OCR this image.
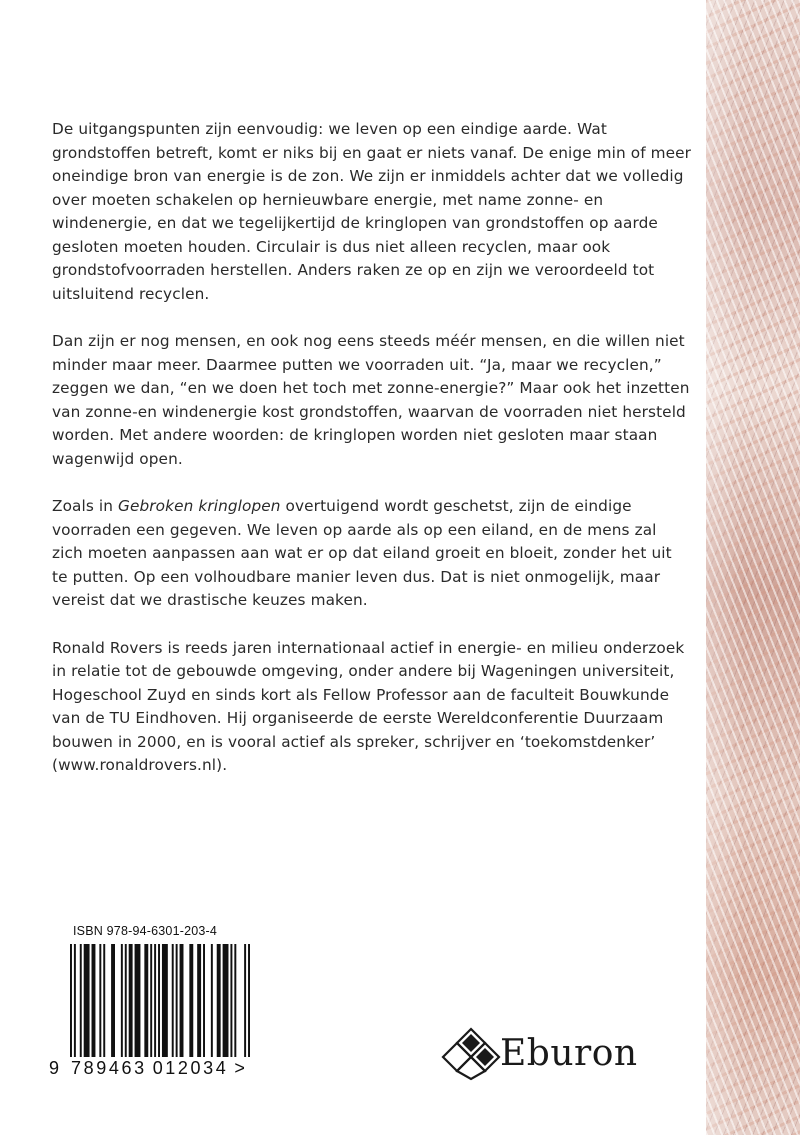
De uitgangspunten zijn eenvoudig: we leven op een eindige aarde. Wat grondstoffen betreft, komt er niks bij en gaat er niets vanaf. De enige min of meer oneindige bron van energie is de zon. We zijn er inmiddels achter dat we volledig over moeten schakelen op hernieuwbare energie, met name zonne- en windenergie, en dat we tegelijkertijd de kringlopen van grondstoffen op aarde gesloten moeten houden. Circulair is dus niet alleen recyclen, maar ook grondstofvoorraden herstellen. Anders raken ze op en zijn we veroordeeld tot uitsluitend recyclen.

Dan zijn er nog mensen, en ook nog eens steeds méér mensen, en die willen niet minder maar meer. Daarmee putten we voorraden uit. “Ja, maar we recyclen,” zeggen we dan, “en we doen het toch met zonne-energie?” Maar ook het inzetten van zonne-en windenergie kost grondstoffen, waarvan de voorraden niet hersteld worden. Met andere woorden: de kringlopen worden niet gesloten maar staan wagenwijd open.

Zoals in Gebroken kringlopen overtuigend wordt geschetst, zijn de eindige voorraden een gegeven. We leven op aarde als op een eiland, en de mens zal zich moeten aanpassen aan wat er op dat eiland groeit en bloeit, zonder het uit te putten. Op een volhoudbare manier leven dus. Dat is niet onmogelijk, maar vereist dat we drastische keuzes maken.

Ronald Rovers is reeds jaren internationaal actief in energie- en milieu onderzoek in relatie tot de gebouwde omgeving, onder andere bij Wageningen universiteit, Hogeschool Zuyd en sinds kort als Fellow Professor aan de faculteit Bouwkunde van de TU Eindhoven. Hij organiseerde de eerste Wereldconferentie Duurzaam bouwen in 2000, en is vooral actief als spreker, schrijver en ‘toekomstdenker’ (www.ronaldrovers.nl).

ISBN 978-94-6301-203-4
9 789463 012034 >	Eburon
